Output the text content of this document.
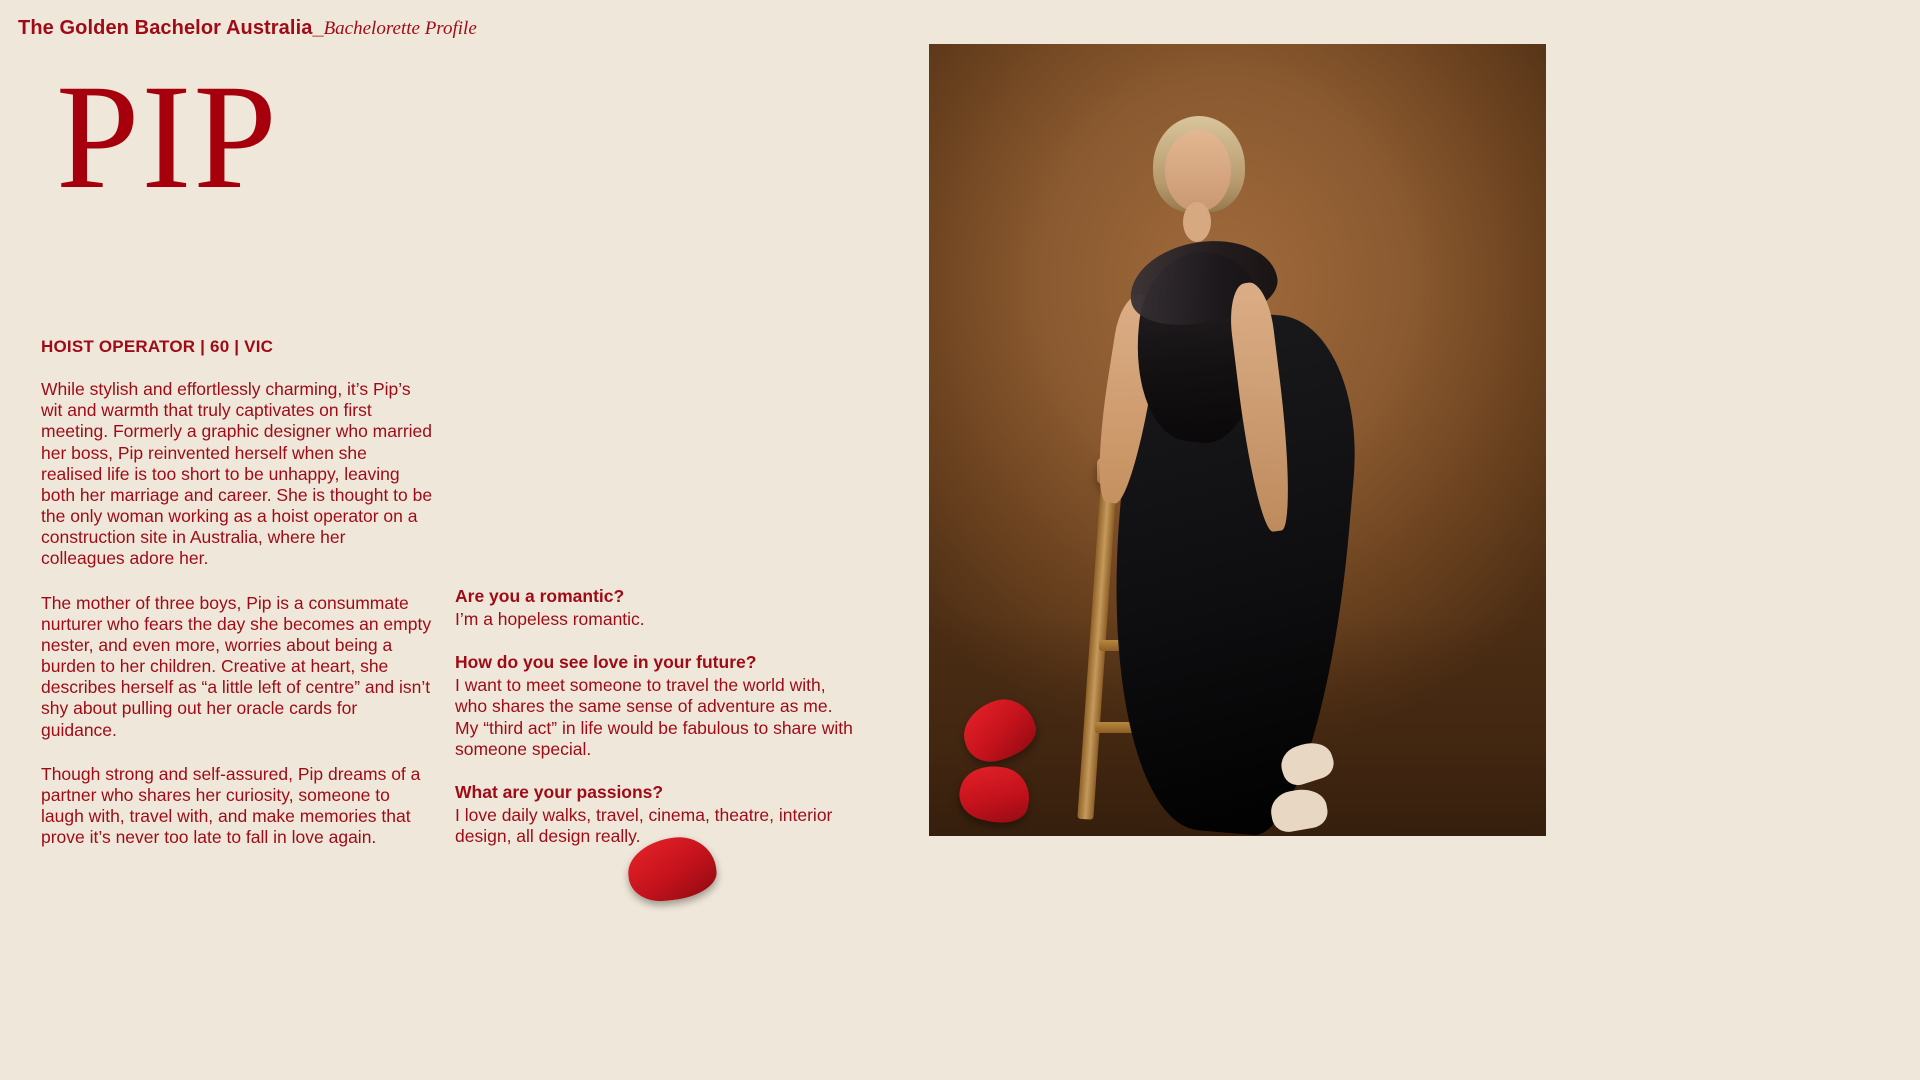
The Golden Bachelor Australia_Bachelorette Profile
PIP
HOIST OPERATOR | 60 | VIC

While stylish and effortlessly charming, it’s Pip’s wit and warmth that truly captivates on first meeting. Formerly a graphic designer who married her boss, Pip reinvented herself when she realised life is too short to be unhappy, leaving both her marriage and career. She is thought to be the only woman working as a hoist operator on a construction site in Australia, where her colleagues adore her.

The mother of three boys, Pip is a consummate nurturer who fears the day she becomes an empty nester, and even more, worries about being a burden to her children. Creative at heart, she describes herself as “a little left of centre” and isn’t shy about pulling out her oracle cards for guidance.

Though strong and self-assured, Pip dreams of a partner who shares her curiosity, someone to laugh with, travel with, and make memories that prove it’s never too late to fall in love again.

Are you a romantic?
I’m a hopeless romantic.
How do you see love in your future?
I want to meet someone to travel the world with, who shares the same sense of adventure as me. My “third act” in life would be fabulous to share with someone special.
What are your passions?
I love daily walks, travel, cinema, theatre, interior design, all design really.
